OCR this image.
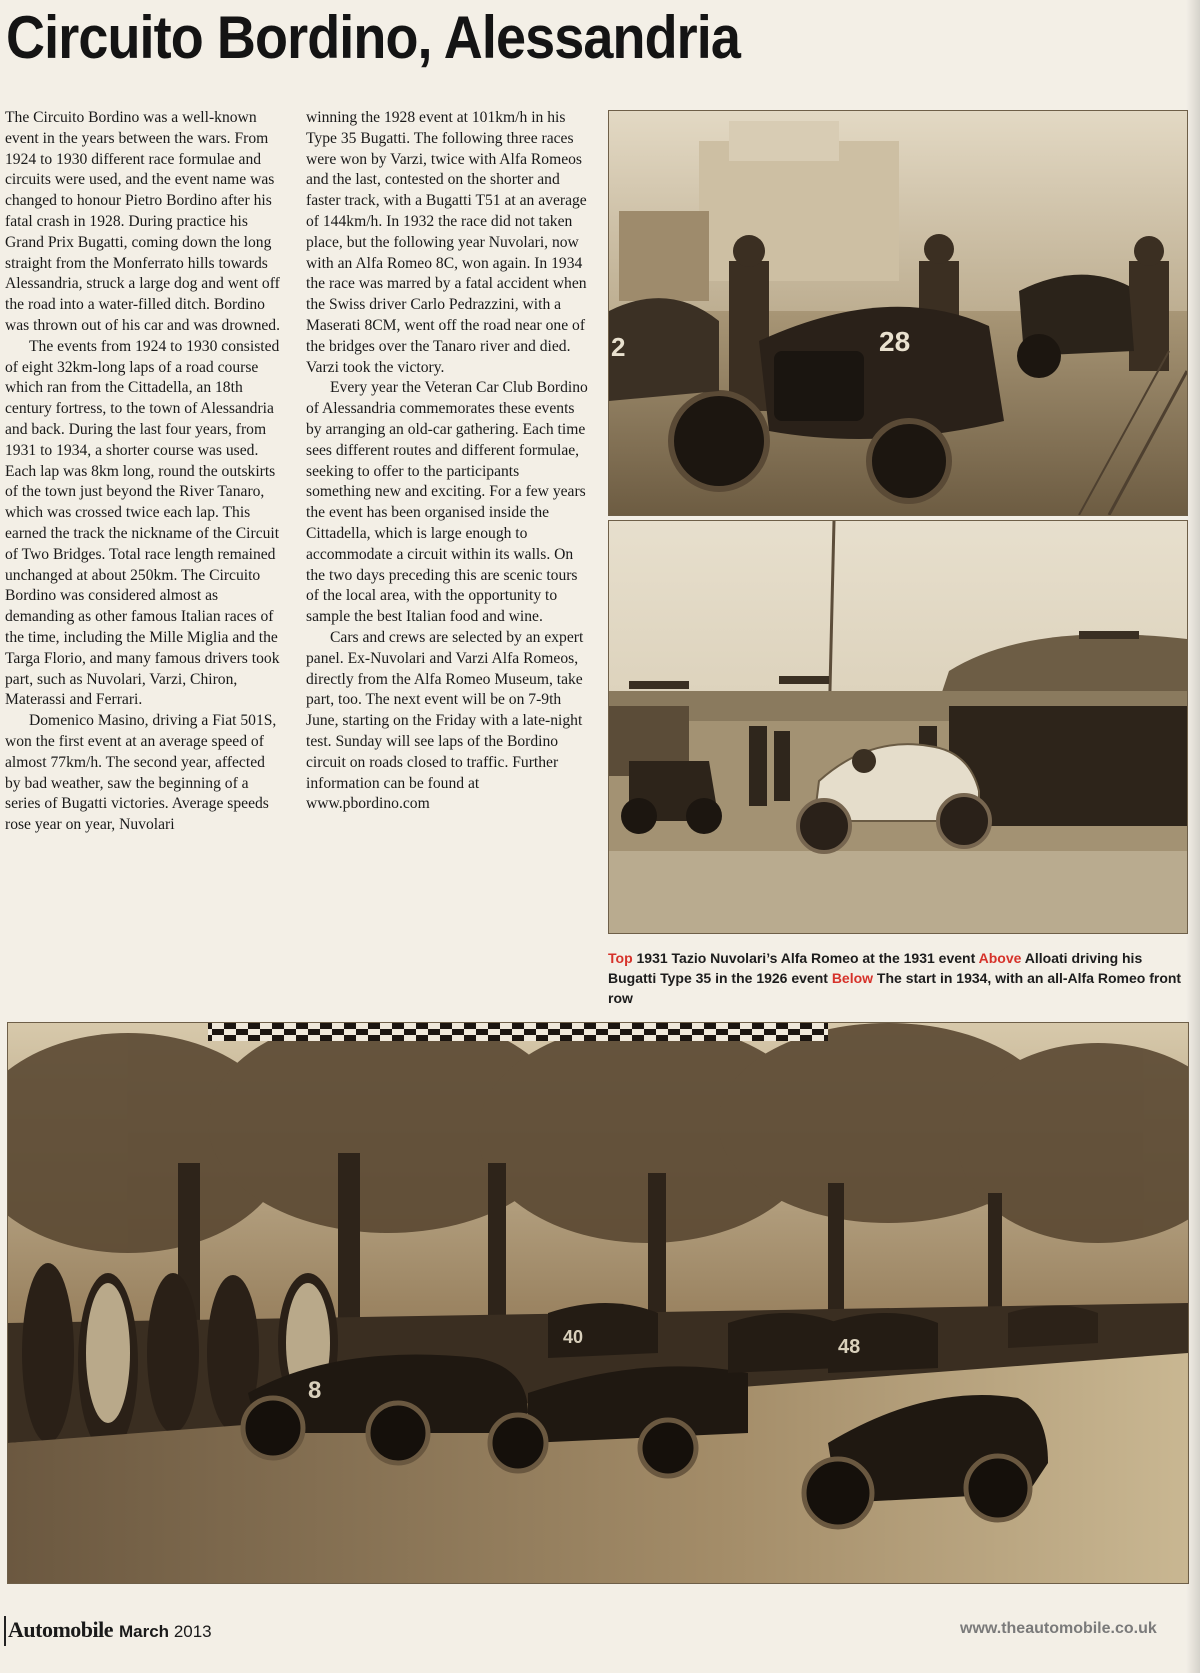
Circuito Bordino, Alessandria

The Circuito Bordino was a well-known event in the years between the wars. From 1924 to 1930 different race formulae and circuits were used, and the event name was changed to honour Pietro Bordino after his fatal crash in 1928. During practice his Grand Prix Bugatti, coming down the long straight from the Monferrato hills towards Alessandria, struck a large dog and went off the road into a water-filled ditch. Bordino was thrown out of his car and was drowned.

The events from 1924 to 1930 consisted of eight 32km-long laps of a road course which ran from the Cittadella, an 18th century fortress, to the town of Alessandria and back. During the last four years, from 1931 to 1934, a shorter course was used. Each lap was 8km long, round the outskirts of the town just beyond the River Tanaro, which was crossed twice each lap. This earned the track the nickname of the Circuit of Two Bridges. Total race length remained unchanged at about 250km. The Circuito Bordino was considered almost as demanding as other famous Italian races of the time, including the Mille Miglia and the Targa Florio, and many famous drivers took part, such as Nuvolari, Varzi, Chiron, Materassi and Ferrari.

Domenico Masino, driving a Fiat 501S, won the first event at an average speed of almost 77km/h. The second year, affected by bad weather, saw the beginning of a series of Bugatti victories. Average speeds rose year on year, Nuvolari

winning the 1928 event at 101km/h in his Type 35 Bugatti. The following three races were won by Varzi, twice with Alfa Romeos and the last, contested on the shorter and faster track, with a Bugatti T51 at an average of 144km/h. In 1932 the race did not taken place, but the following year Nuvolari, now with an Alfa Romeo 8C, won again. In 1934 the race was marred by a fatal accident when the Swiss driver Carlo Pedrazzini, with a Maserati 8CM, went off the road near one of the bridges over the Tanaro river and died. Varzi took the victory.

Every year the Veteran Car Club Bordino of Alessandria commemorates these events by arranging an old-car gathering. Each time sees different routes and different formulae, seeking to offer to the participants something new and exciting. For a few years the event has been organised inside the Cittadella, which is large enough to accommodate a circuit within its walls. On the two days preceding this are scenic tours of the local area, with the opportunity to sample the best Italian food and wine.

Cars and crews are selected by an expert panel. Ex-Nuvolari and Varzi Alfa Romeos, directly from the Alfa Romeo Museum, take part, too. The next event will be on 7-9th June, starting on the Friday with a late-night test. Sunday will see laps of the Bordino circuit on roads closed to traffic. Further information can be found at www.pbordino.com

28
2
Top 1931 Tazio Nuvolari’s Alfa Romeo at the 1931 event Above Alloati driving his Bugatti Type 35 in the 1926 event Below The start in 1934, with an all-Alfa Romeo front row
8
40	48
Automobile March 2013	www.theautomobile.co.uk
